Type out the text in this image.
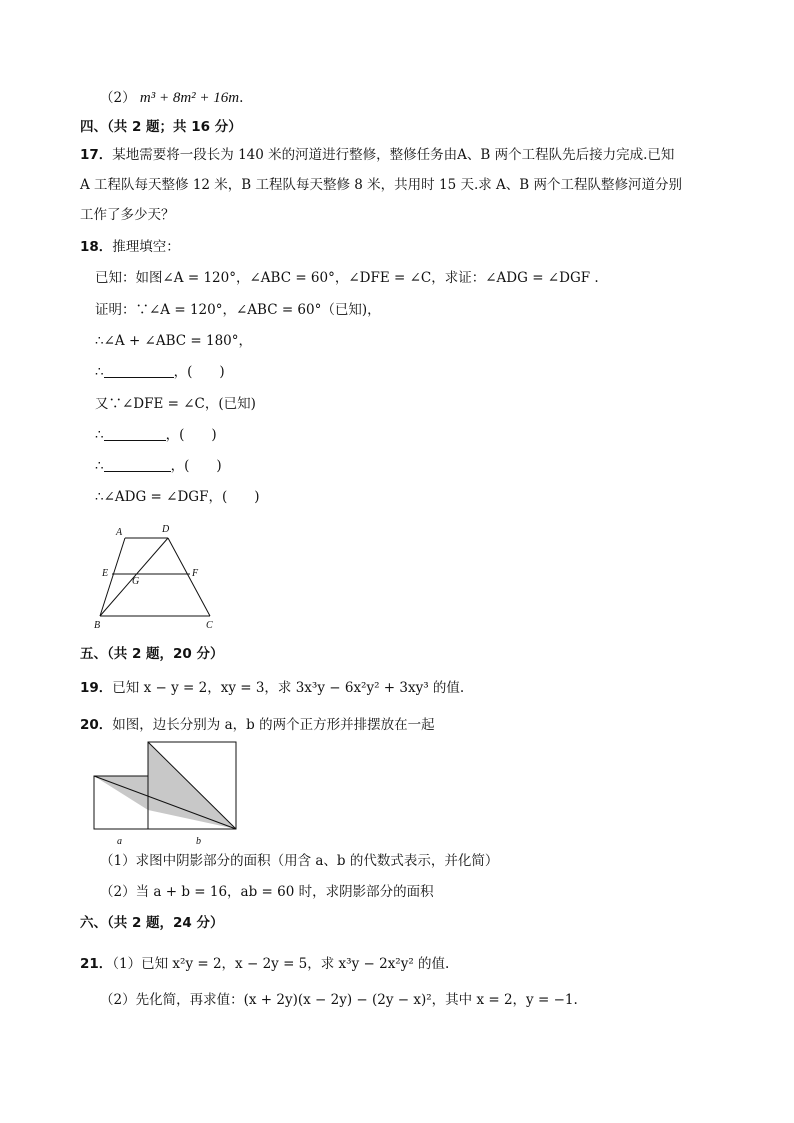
（2） m³ + 8m² + 16m.
四、（共 2 题；共 16 分）
17．某地需要将一段长为 140 米的河道进行整修，整修任务由A、B 两个工程队先后接力完成.已知
A 工程队每天整修 12 米，B 工程队每天整修 8 米，共用时 15 天.求 A、B 两个工程队整修河道分别
工作了多少天？
18．推理填空：
已知：如图∠A = 120°，∠ABC = 60°，∠DFE = ∠C，求证：∠ADG = ∠DGF .
证明：∵∠A = 120°，∠ABC = 60°（已知)，
∴∠A + ∠ABC = 180°，
∴	，(　　)
又∵∠DFE = ∠C，(已知)
∴	，(　　)
∴	，(　　)
∴∠ADG = ∠DGF，(　　)
A	D
E
G
F
B	C
五、（共 2 题，20 分）
19．已知 x − y = 2，xy = 3，求 3x³y − 6x²y² + 3xy³ 的值.
20．如图，边长分别为 a，b 的两个正方形并排摆放在一起
a	b
（1）求图中阴影部分的面积（用含 a、b 的代数式表示，并化简）
（2）当 a + b = 16，ab = 60 时，求阴影部分的面积
六、（共 2 题，24 分）
21．（1）已知 x²y = 2，x − 2y = 5，求 x³y − 2x²y² 的值.
（2）先化简，再求值：(x + 2y)(x − 2y) − (2y − x)²，其中 x = 2，y = −1.
